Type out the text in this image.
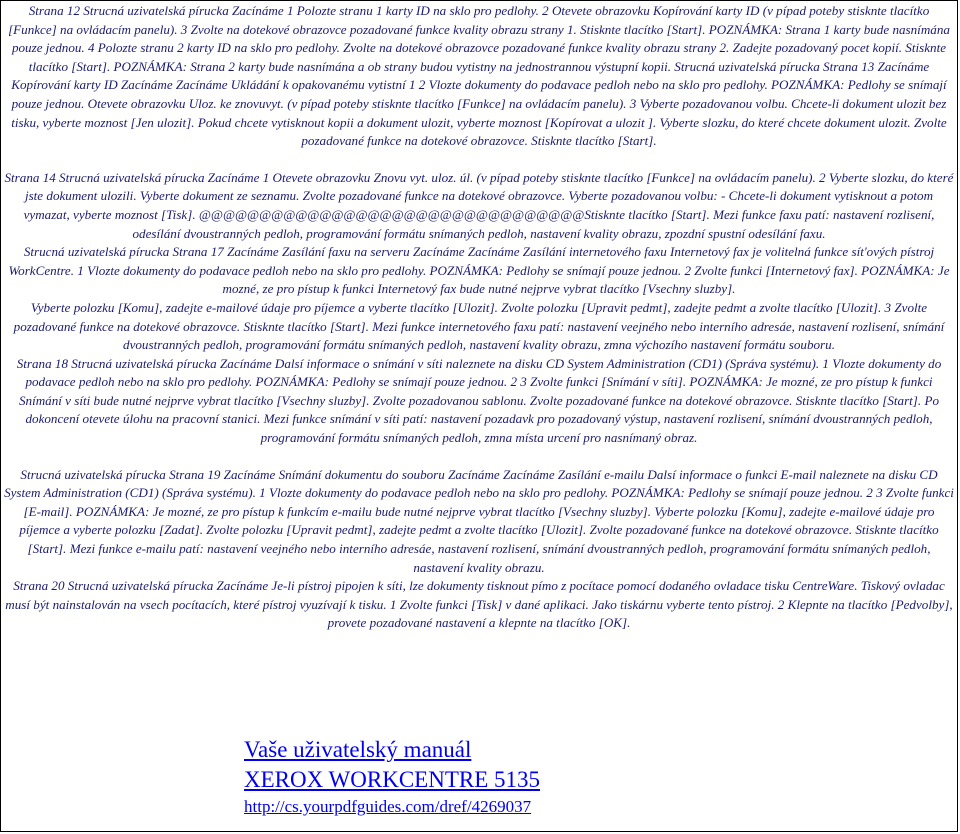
Strana 12 Strucná uzivatelská pírucka Zacínáme 1 Polozte stranu 1 karty ID na sklo pro pedlohy. 2 Otevete obrazovku Kopírování karty ID (v pípad poteby stisknte tlacítko [Funkce] na ovládacím panelu). 3 Zvolte na dotekové obrazovce pozadované funkce kvality obrazu strany 1. Stisknte tlacítko [Start]. POZNÁMKA: Strana 1 karty bude nasnímána pouze jednou. 4 Polozte stranu 2 karty ID na sklo pro pedlohy. Zvolte na dotekové obrazovce pozadované funkce kvality obrazu strany 2. Zadejte pozadovaný pocet kopií. Stisknte tlacítko [Start]. POZNÁMKA: Strana 2 karty bude nasnímána a ob strany budou vytistny na jednostrannou výstupní kopii. Strucná uzivatelská pírucka Strana 13 Zacínáme Kopírování karty ID Zacínáme Zacínáme Ukládání k opakovanému vytistní 1 2 Vlozte dokumenty do podavace pedloh nebo na sklo pro pedlohy. POZNÁMKA: Pedlohy se snímají pouze jednou. Otevete obrazovku Uloz. ke znovuvyt. (v pípad poteby stisknte tlacítko [Funkce] na ovládacím panelu). 3 Vyberte pozadovanou volbu. Chcete-li dokument ulozit bez tisku, vyberte moznost [Jen ulozit]. Pokud chcete vytisknout kopii a dokument ulozit, vyberte moznost [Kopírovat a ulozit ]. Vyberte slozku, do které chcete dokument ulozit. Zvolte pozadované funkce na dotekové obrazovce. Stisknte tlacítko [Start].

Strana 14 Strucná uzivatelská pírucka Zacínáme 1 Otevete obrazovku Znovu vyt. uloz. úl. (v pípad poteby stisknte tlacítko [Funkce] na ovládacím panelu). 2 Vyberte slozku, do které jste dokument ulozili. Vyberte dokument ze seznamu. Zvolte pozadované funkce na dotekové obrazovce. Vyberte pozadovanou volbu: - Chcete-li dokument vytisknout a potom vymazat, vyberte moznost [Tisk]. @@@@@@@@@@@@@@@@@@@@@@@@@@@@@@@@Stisknte tlacítko [Start]. Mezi funkce faxu patí: nastavení rozlisení, odesílání dvoustranných pedloh, programování formátu snímaných pedloh, nastavení kvality obrazu, zpozdní spustní odesílání faxu.

Strucná uzivatelská pírucka Strana 17 Zacínáme Zasílání faxu na serveru Zacínáme Zacínáme Zasílání internetového faxu Internetový fax je volitelná funkce sít'ových pístroj WorkCentre. 1 Vlozte dokumenty do podavace pedloh nebo na sklo pro pedlohy. POZNÁMKA: Pedlohy se snímají pouze jednou. 2 Zvolte funkci [Internetový fax]. POZNÁMKA: Je mozné, ze pro pístup k funkci Internetový fax bude nutné nejprve vybrat tlacítko [Vsechny sluzby].

Vyberte polozku [Komu], zadejte e-mailové údaje pro píjemce a vyberte tlacítko [Ulozit]. Zvolte polozku [Upravit pedmt], zadejte pedmt a zvolte tlacítko [Ulozit]. 3 Zvolte pozadované funkce na dotekové obrazovce. Stisknte tlacítko [Start]. Mezi funkce internetového faxu patí: nastavení veejného nebo interního adresáe, nastavení rozlisení, snímání dvoustranných pedloh, programování formátu snímaných pedloh, nastavení kvality obrazu, zmna výchozího nastavení formátu souboru.

Strana 18 Strucná uzivatelská pírucka Zacínáme Dalsí informace o snímání v síti naleznete na disku CD System Administration (CD1) (Správa systému). 1 Vlozte dokumenty do podavace pedloh nebo na sklo pro pedlohy. POZNÁMKA: Pedlohy se snímají pouze jednou. 2 3 Zvolte funkci [Snímání v síti]. POZNÁMKA: Je mozné, ze pro pístup k funkci Snímání v síti bude nutné nejprve vybrat tlacítko [Vsechny sluzby]. Zvolte pozadovanou sablonu. Zvolte pozadované funkce na dotekové obrazovce. Stisknte tlacítko [Start]. Po dokoncení otevete úlohu na pracovní stanici. Mezi funkce snímání v síti patí: nastavení pozadavk pro pozadovaný výstup, nastavení rozlisení, snímání dvoustranných pedloh, programování formátu snímaných pedloh, zmna místa urcení pro nasnímaný obraz.

Strucná uzivatelská pírucka Strana 19 Zacínáme Snímání dokumentu do souboru Zacínáme Zacínáme Zasílání e-mailu Dalsí informace o funkci E-mail naleznete na disku CD System Administration (CD1) (Správa systému). 1 Vlozte dokumenty do podavace pedloh nebo na sklo pro pedlohy. POZNÁMKA: Pedlohy se snímají pouze jednou. 2 3 Zvolte funkci [E-mail]. POZNÁMKA: Je mozné, ze pro pístup k funkcím e-mailu bude nutné nejprve vybrat tlacítko [Vsechny sluzby]. Vyberte polozku [Komu], zadejte e-mailové údaje pro píjemce a vyberte polozku [Zadat]. Zvolte polozku [Upravit pedmt], zadejte pedmt a zvolte tlacítko [Ulozit]. Zvolte pozadované funkce na dotekové obrazovce. Stisknte tlacítko [Start]. Mezi funkce e-mailu patí: nastavení veejného nebo interního adresáe, nastavení rozlisení, snímání dvoustranných pedloh, programování formátu snímaných pedloh, nastavení kvality obrazu.

Strana 20 Strucná uzivatelská pírucka Zacínáme Je-li pístroj pipojen k síti, lze dokumenty tisknout pímo z pocítace pomocí dodaného ovladace tisku CentreWare. Tiskový ovladac musí být nainstalován na vsech pocítacích, které pístroj vyuzívají k tisku. 1 Zvolte funkci [Tisk] v dané aplikaci. Jako tiskárnu vyberte tento pístroj. 2 Klepnte na tlacítko [Pedvolby], provete pozadované nastavení a klepnte na tlacítko [OK].

Vaše uživatelský manuál
XEROX WORKCENTRE 5135
http://cs.yourpdfguides.com/dref/4269037
